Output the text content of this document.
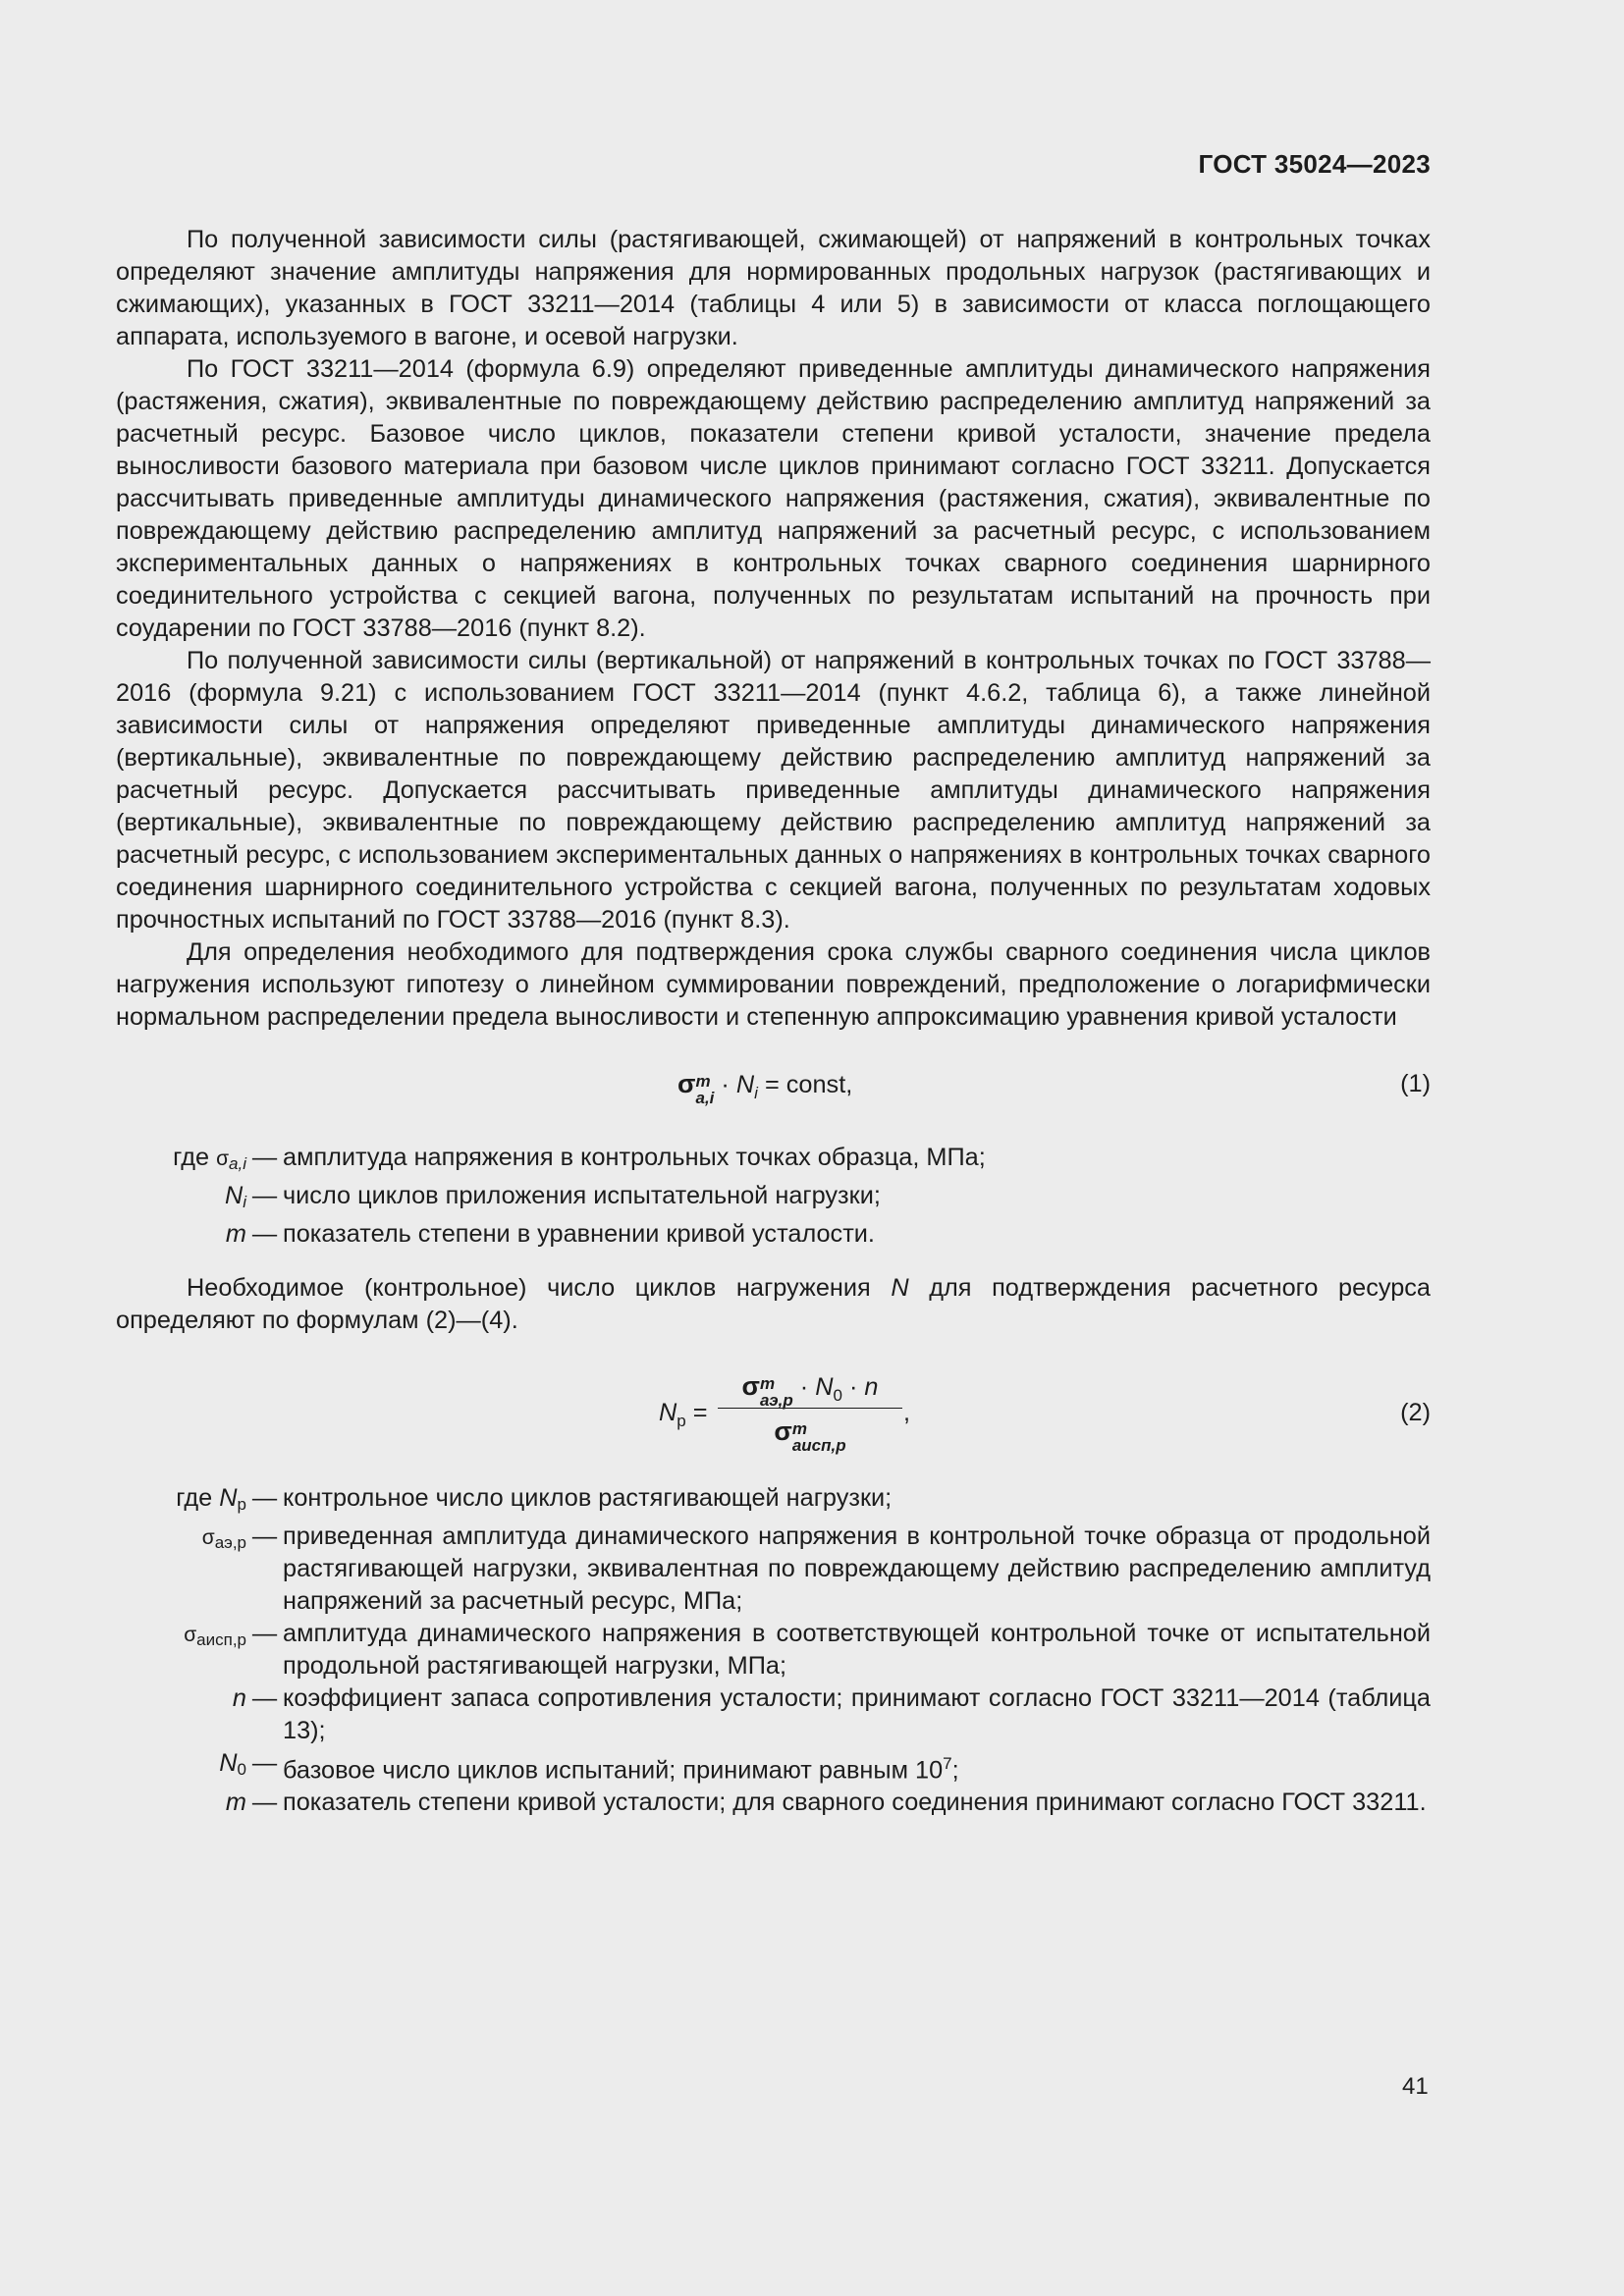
ГОСТ 35024—2023

По полученной зависимости силы (растягивающей, сжимающей) от напряжений в контрольных точках определяют значение амплитуды напряжения для нормированных продольных нагрузок (растягивающих и сжимающих), указанных в ГОСТ 33211—2014 (таблицы 4 или 5) в зависимости от класса поглощающего аппарата, используемого в вагоне, и осевой нагрузки.

По ГОСТ 33211—2014 (формула 6.9) определяют приведенные амплитуды динамического напряжения (растяжения, сжатия), эквивалентные по повреждающему действию распределению амплитуд напряжений за расчетный ресурс. Базовое число циклов, показатели степени кривой усталости, значение предела выносливости базового материала при базовом числе циклов принимают согласно ГОСТ 33211. Допускается рассчитывать приведенные амплитуды динамического напряжения (растяжения, сжатия), эквивалентные по повреждающему действию распределению амплитуд напряжений за расчетный ресурс, с использованием экспериментальных данных о напряжениях в контрольных точках сварного соединения шарнирного соединительного устройства с секцией вагона, полученных по результатам испытаний на прочность при соударении по ГОСТ 33788—2016 (пункт 8.2).

По полученной зависимости силы (вертикальной) от напряжений в контрольных точках по ГОСТ 33788—2016 (формула 9.21) с использованием ГОСТ 33211—2014 (пункт 4.6.2, таблица 6), а также линейной зависимости силы от напряжения определяют приведенные амплитуды динамического напряжения (вертикальные), эквивалентные по повреждающему действию распределению амплитуд напряжений за расчетный ресурс. Допускается рассчитывать приведенные амплитуды динамического напряжения (вертикальные), эквивалентные по повреждающему действию распределению амплитуд напряжений за расчетный ресурс, с использованием экспериментальных данных о напряжениях в контрольных точках сварного соединения шарнирного соединительного устройства с секцией вагона, полученных по результатам ходовых прочностных испытаний по ГОСТ 33788—2016 (пункт 8.3).

Для определения необходимого для подтверждения срока службы сварного соединения числа циклов нагружения используют гипотезу о линейном суммировании повреждений, предположение о логарифмически нормальном распределении предела выносливости и степенную аппроксимацию уравнения кривой усталости

σ m
$а,i \cdot N_i$ = const,	(1)
где σa,i — амплитуда напряжения в контрольных точках образца, МПа;
Ni — число циклов приложения испытательной нагрузки;
m — показатель степени в уравнении кривой усталости.

Необходимое (контрольное) число циклов нагружения N для подтверждения расчетного ресурса определяют по формулам (2)—(4).

$N_р$ =
σ m
$аэ,р \cdot N_0 \cdot n$
σ m
аисп,р
,	(2)
где Nр — контрольное число циклов растягивающей нагрузки;
σаэ,р — приведенная амплитуда динамического напряжения в контрольной точке образца от продольной растягивающей нагрузки, эквивалентная по повреждающему действию распределению амплитуд напряжений за расчетный ресурс, МПа;
σаисп,р — амплитуда динамического напряжения в соответствующей контрольной точке от испытательной продольной растягивающей нагрузки, МПа;
n — коэффициент запаса сопротивления усталости; принимают согласно ГОСТ 33211—2014 (таблица 13);
N0 — базовое число циклов испытаний; принимают равным $10^7$;
m — показатель степени кривой усталости; для сварного соединения принимают согласно ГОСТ 33211.
41
